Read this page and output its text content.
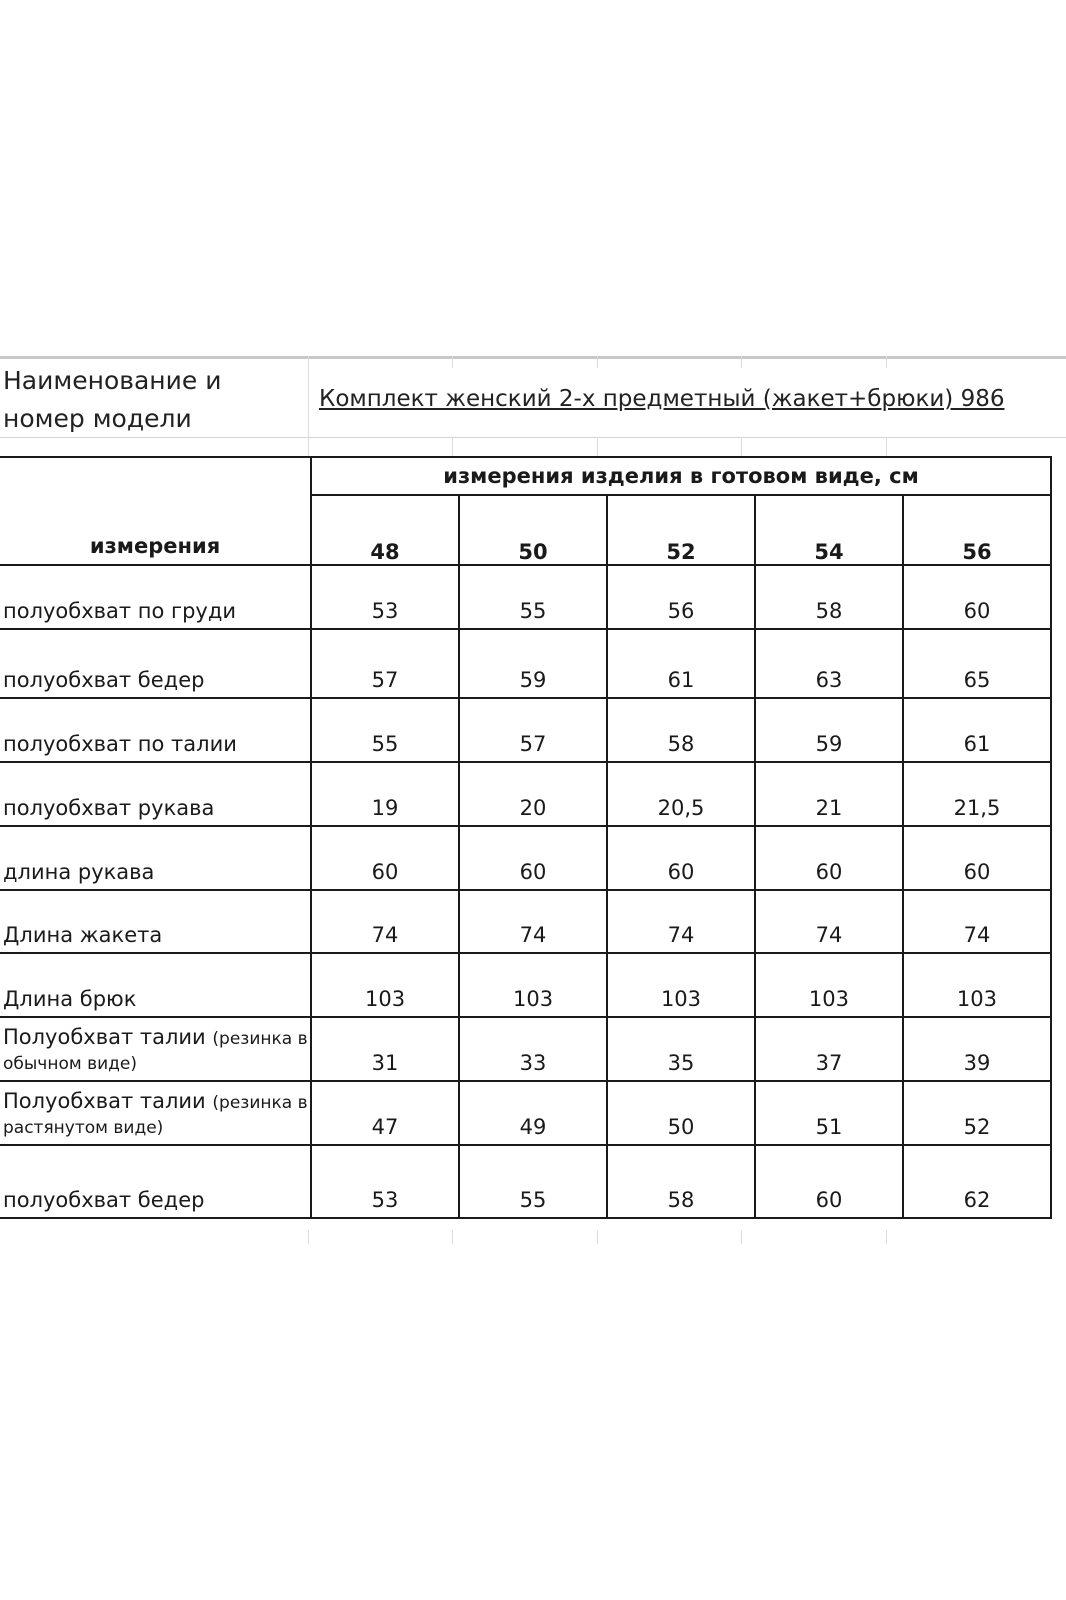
Наименование и номер модели
Комплект женский 2-х предметный (жакет+брюки) 986
измерения	измерения изделия в готовом виде, см				
	48	50	52	54	56
полуобхват по груди	53	55	56	58	60
полуобхват бедер	57	59	61	63	65
полуобхват по талии	55	57	58	59	61
полуобхват рукава	19	20	20,5	21	21,5
длина рукава	60	60	60	60	60
Длина жакета	74	74	74	74	74
Длина брюк	103	103	103	103	103

Полуобхват талии (резинка в
обычном виде)	31	33	35	37	39

Полуобхват талии (резинка в
растянутом виде)	47	49	50	51	52
полуобхват бедер	53	55	58	60	62
